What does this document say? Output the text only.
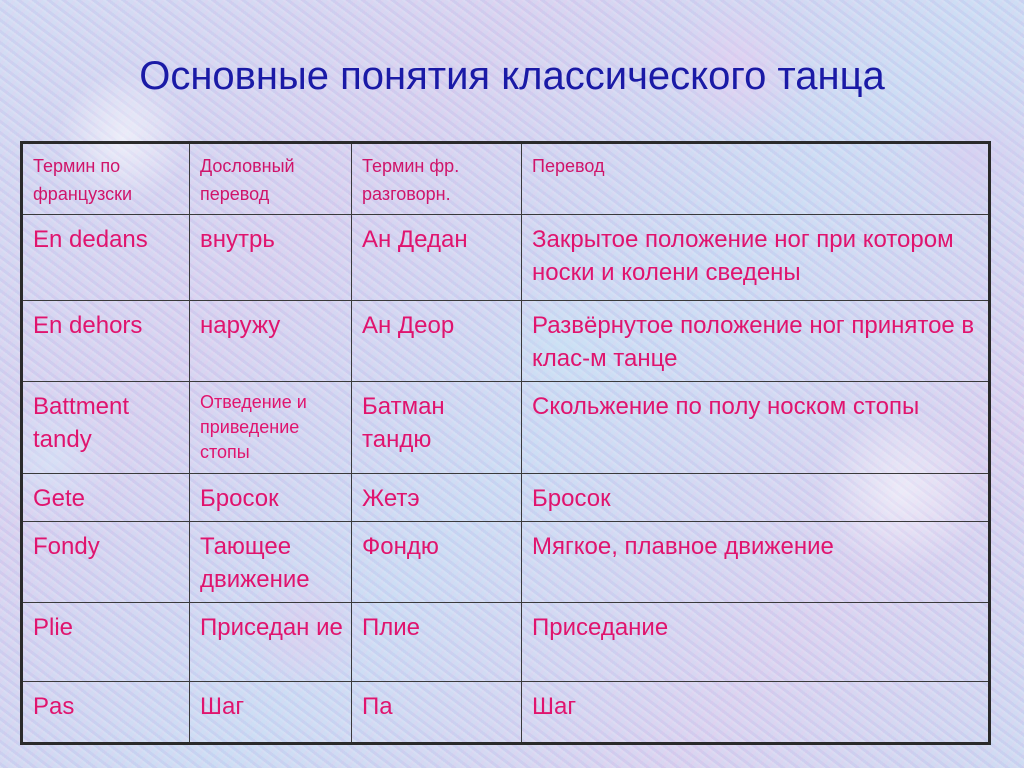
Основные понятия классического танца
Термин по французски	Дословный перевод	Термин фр. разговорн.	Перевод
En dedans	внутрь	Ан Дедан	Закрытое положение ног при котором носки и колени сведены
En dehors	наружу	Ан Деор	Развёрнутое положение ног принятое в клас-м танце
Battment tandy	Отведение и приведение стопы	Батман тандю	Скольжение по полу носком стопы
Gete	Бросок	Жетэ	Бросок
Fondy	Тающее движение	Фондю	Мягкое, плавное движение
Plie	Приседан ие	Плие	Приседание
Pas	Шаг	Па	Шаг
